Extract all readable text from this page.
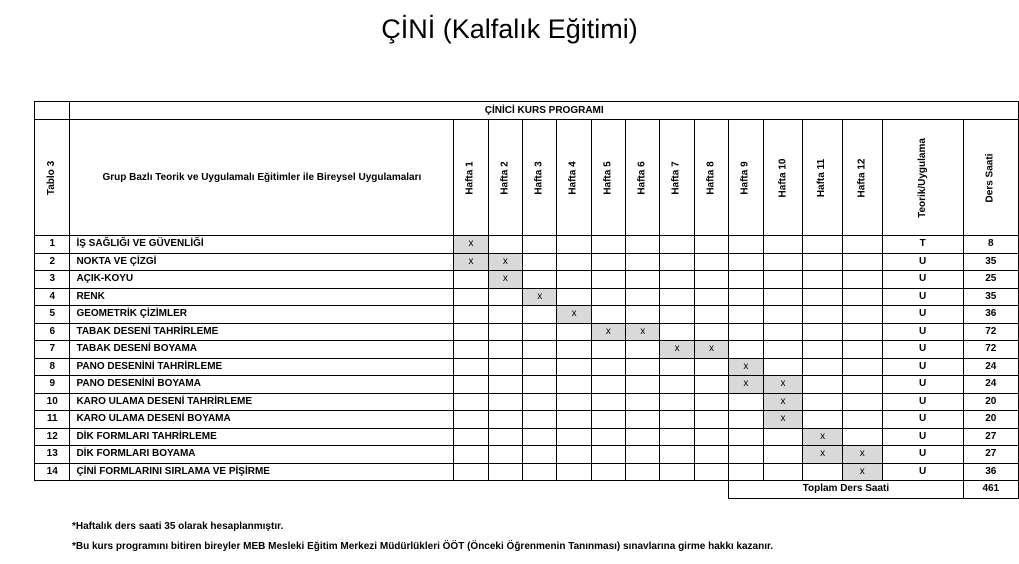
ÇİNİ (Kalfalık Eğitimi)
	ÇİNİCİ KURS PROGRAMI														
Tablo 3	Grup Bazlı Teorik ve Uygulamalı Eğitimler ile Bireysel Uygulamaları	Hafta 1	Hafta 2	Hafta 3	Hafta 4	Hafta 5	Hafta 6	Hafta 7	Hafta 8	Hafta 9	Hafta 10	Hafta 11	Hafta 12	Teorik/Uygulama	Ders Saati
1	İŞ SAĞLIĞI VE GÜVENLİĞİ	x												T	8
2	NOKTA VE ÇİZGİ	x	x											U	35
3	AÇIK-KOYU		x											U	25
4	RENK			x										U	35
5	GEOMETRİK ÇİZİMLER				x									U	36
6	TABAK DESENİ TAHRİRLEME					x	x							U	72
7	TABAK DESENİ BOYAMA							x	x					U	72
8	PANO DESENİNİ TAHRİRLEME									x				U	24
9	PANO DESENİNİ BOYAMA									x	x			U	24
10	KARO ULAMA DESENİ TAHRİRLEME										x			U	20
11	KARO ULAMA DESENİ BOYAMA										x			U	20
12	DİK FORMLARI TAHRİRLEME											x		U	27
13	DİK FORMLARI BOYAMA											x	x	U	27
14	ÇİNİ FORMLARINI SIRLAMA VE PİŞİRME												x	U	36
										Toplam Ders Saati					461
*Haftalık ders saati 35 olarak hesaplanmıştır.
*Bu kurs programını bitiren bireyler MEB Mesleki Eğitim Merkezi Müdürlükleri ÖÖT (Önceki Öğrenmenin Tanınması) sınavlarına girme hakkı kazanır.
